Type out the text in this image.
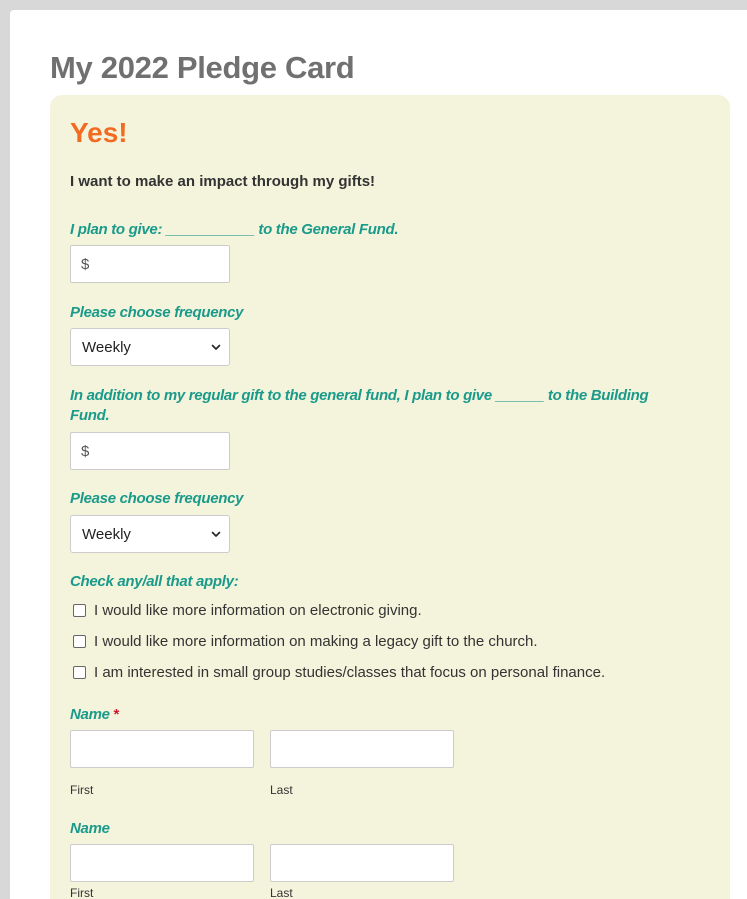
My 2022 Pledge Card
Yes!

I want to make an impact through my gifts!

I plan to give: ___________ to the General Fund.

$

Please choose frequency

Weekly

In addition to my regular gift to the general fund, I plan to give ______ to the Building Fund.

$

Please choose frequency

Weekly

Check any/all that apply:

I would like more information on electronic giving.
I would like more information on making a legacy gift to the church.
I am interested in small group studies/classes that focus on personal finance.

Name *

First	Last

Name

First	Last
